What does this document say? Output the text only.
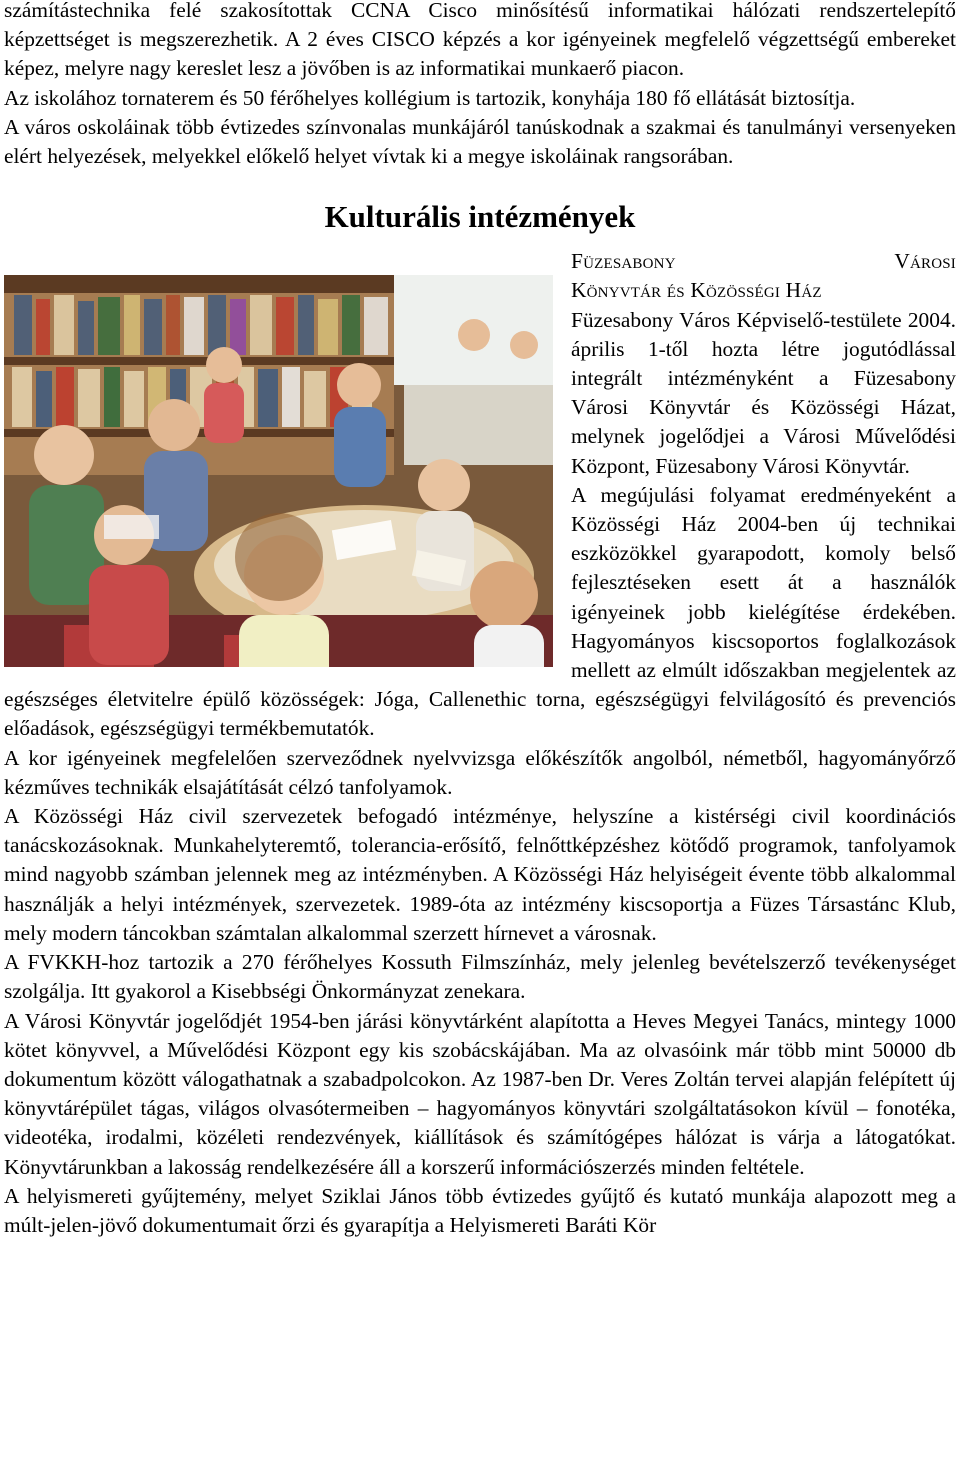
számítástechnika felé szakosítottak CCNA Cisco minősítésű informatikai hálózati rendszertelepítő képzettséget is megszerezhetik. A 2 éves CISCO képzés a kor igényeinek megfelelő végzettségű embereket képez, melyre nagy kereslet lesz a jövőben is az informatikai munkaerő piacon.

Az iskolához tornaterem és 50 férőhelyes kollégium is tartozik, konyhája 180 fő ellátását biztosítja.

A város oskoláinak több évtizedes színvonalas munkájáról tanúskodnak a szakmai és tanulmányi versenyeken elért helyezések, melyekkel előkelő helyet vívtak ki a megye iskoláinak rangsorában.

Kulturális intézmények
Füzesabony	Városi
Könyvtár és Közösségi Ház

Füzesabony Város Képviselő-testülete 2004. április 1-től hozta létre jogutódlással integrált intézményként a Füzesabony Városi Könyvtár és Közösségi Házat, melynek jogelődjei a Városi Művelődési Központ, Füzesabony Városi Könyvtár.

A megújulási folyamat eredményeként a Közösségi Ház 2004-ben új technikai eszközökkel gyarapodott, komoly belső fejlesztéseken esett át a használók igényeinek jobb kielégítése érdekében. Hagyományos kiscsoportos foglalkozások mellett az elmúlt időszakban megjelentek az egészséges életvitelre épülő közösségek: Jóga, Callenethic torna, egészségügyi felvilágosító és prevenciós előadások, egészségügyi termékbemutatók.

A kor igényeinek megfelelően szerveződnek nyelvvizsga előkészítők angolból, németből, hagyományőrző kézműves technikák elsajátítását célzó tanfolyamok.

A Közösségi Ház civil szervezetek befogadó intézménye, helyszíne a kistérségi civil koordinációs tanácskozásoknak. Munkahelyteremtő, tolerancia-erősítő, felnőttképzéshez kötődő programok, tanfolyamok mind nagyobb számban jelennek meg az intézményben. A Közösségi Ház helyiségeit évente több alkalommal használják a helyi intézmények, szervezetek. 1989-óta az intézmény kiscsoportja a Füzes Társastánc Klub, mely modern táncokban számtalan alkalommal szerzett hírnevet a városnak.

A FVKKH-hoz tartozik a 270 férőhelyes Kossuth Filmszínház, mely jelenleg bevételszerző tevékenységet szolgálja. Itt gyakorol a Kisebbségi Önkormányzat zenekara.

A Városi Könyvtár jogelődjét 1954-ben járási könyvtárként alapította a Heves Megyei Tanács, mintegy 1000 kötet könyvvel, a Művelődési Központ egy kis szobácskájában. Ma az olvasóink már több mint 50000 db dokumentum között válogathatnak a szabadpolcokon. Az 1987-ben Dr. Veres Zoltán tervei alapján felépített új könyvtárépület tágas, világos olvasótermeiben – hagyományos könyvtári szolgáltatásokon kívül – fonotéka, videotéka, irodalmi, közéleti rendezvények, kiállítások és számítógépes hálózat is várja a látogatókat. Könyvtárunkban a lakosság rendelkezésére áll a korszerű információszerzés minden feltétele.

A helyismereti gyűjtemény, melyet Sziklai János több évtizedes gyűjtő és kutató munkája alapozott meg a múlt-jelen-jövő dokumentumait őrzi és gyarapítja a Helyismereti Baráti Kör
